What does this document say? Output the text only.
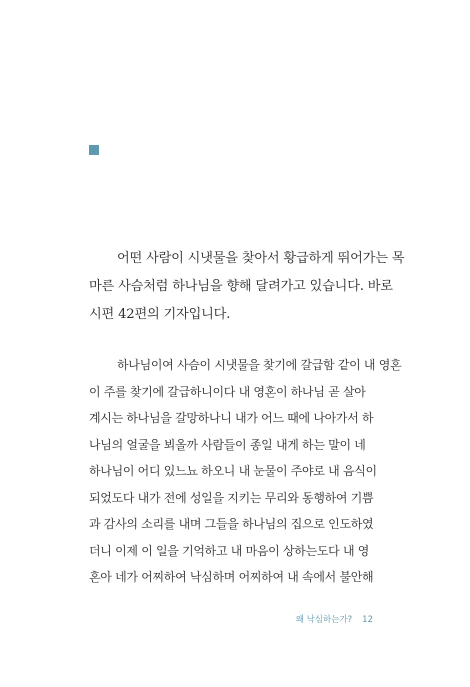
어떤 사람이 시냇물을 찾아서 황급하게 뛰어가는 목
마른 사슴처럼 하나님을 향해 달려가고 있습니다. 바로
시편 42편의 기자입니다.
하나님이여 사슴이 시냇물을 찾기에 갈급함 같이 내 영혼
이 주를 찾기에 갈급하니이다 내 영혼이 하나님 곧 살아
계시는 하나님을 갈망하나니 내가 어느 때에 나아가서 하
나님의 얼굴을 뵈올까 사람들이 종일 내게 하는 말이 네
하나님이 어디 있느뇨 하오니 내 눈물이 주야로 내 음식이
되었도다 내가 전에 성일을 지키는 무리와 동행하여 기쁨
과 감사의 소리를 내며 그들을 하나님의 집으로 인도하였
더니 이제 이 일을 기억하고 내 마음이 상하는도다 내 영
혼아 네가 어찌하여 낙심하며 어찌하여 내 속에서 불안해
왜 낙심하는가? 12
